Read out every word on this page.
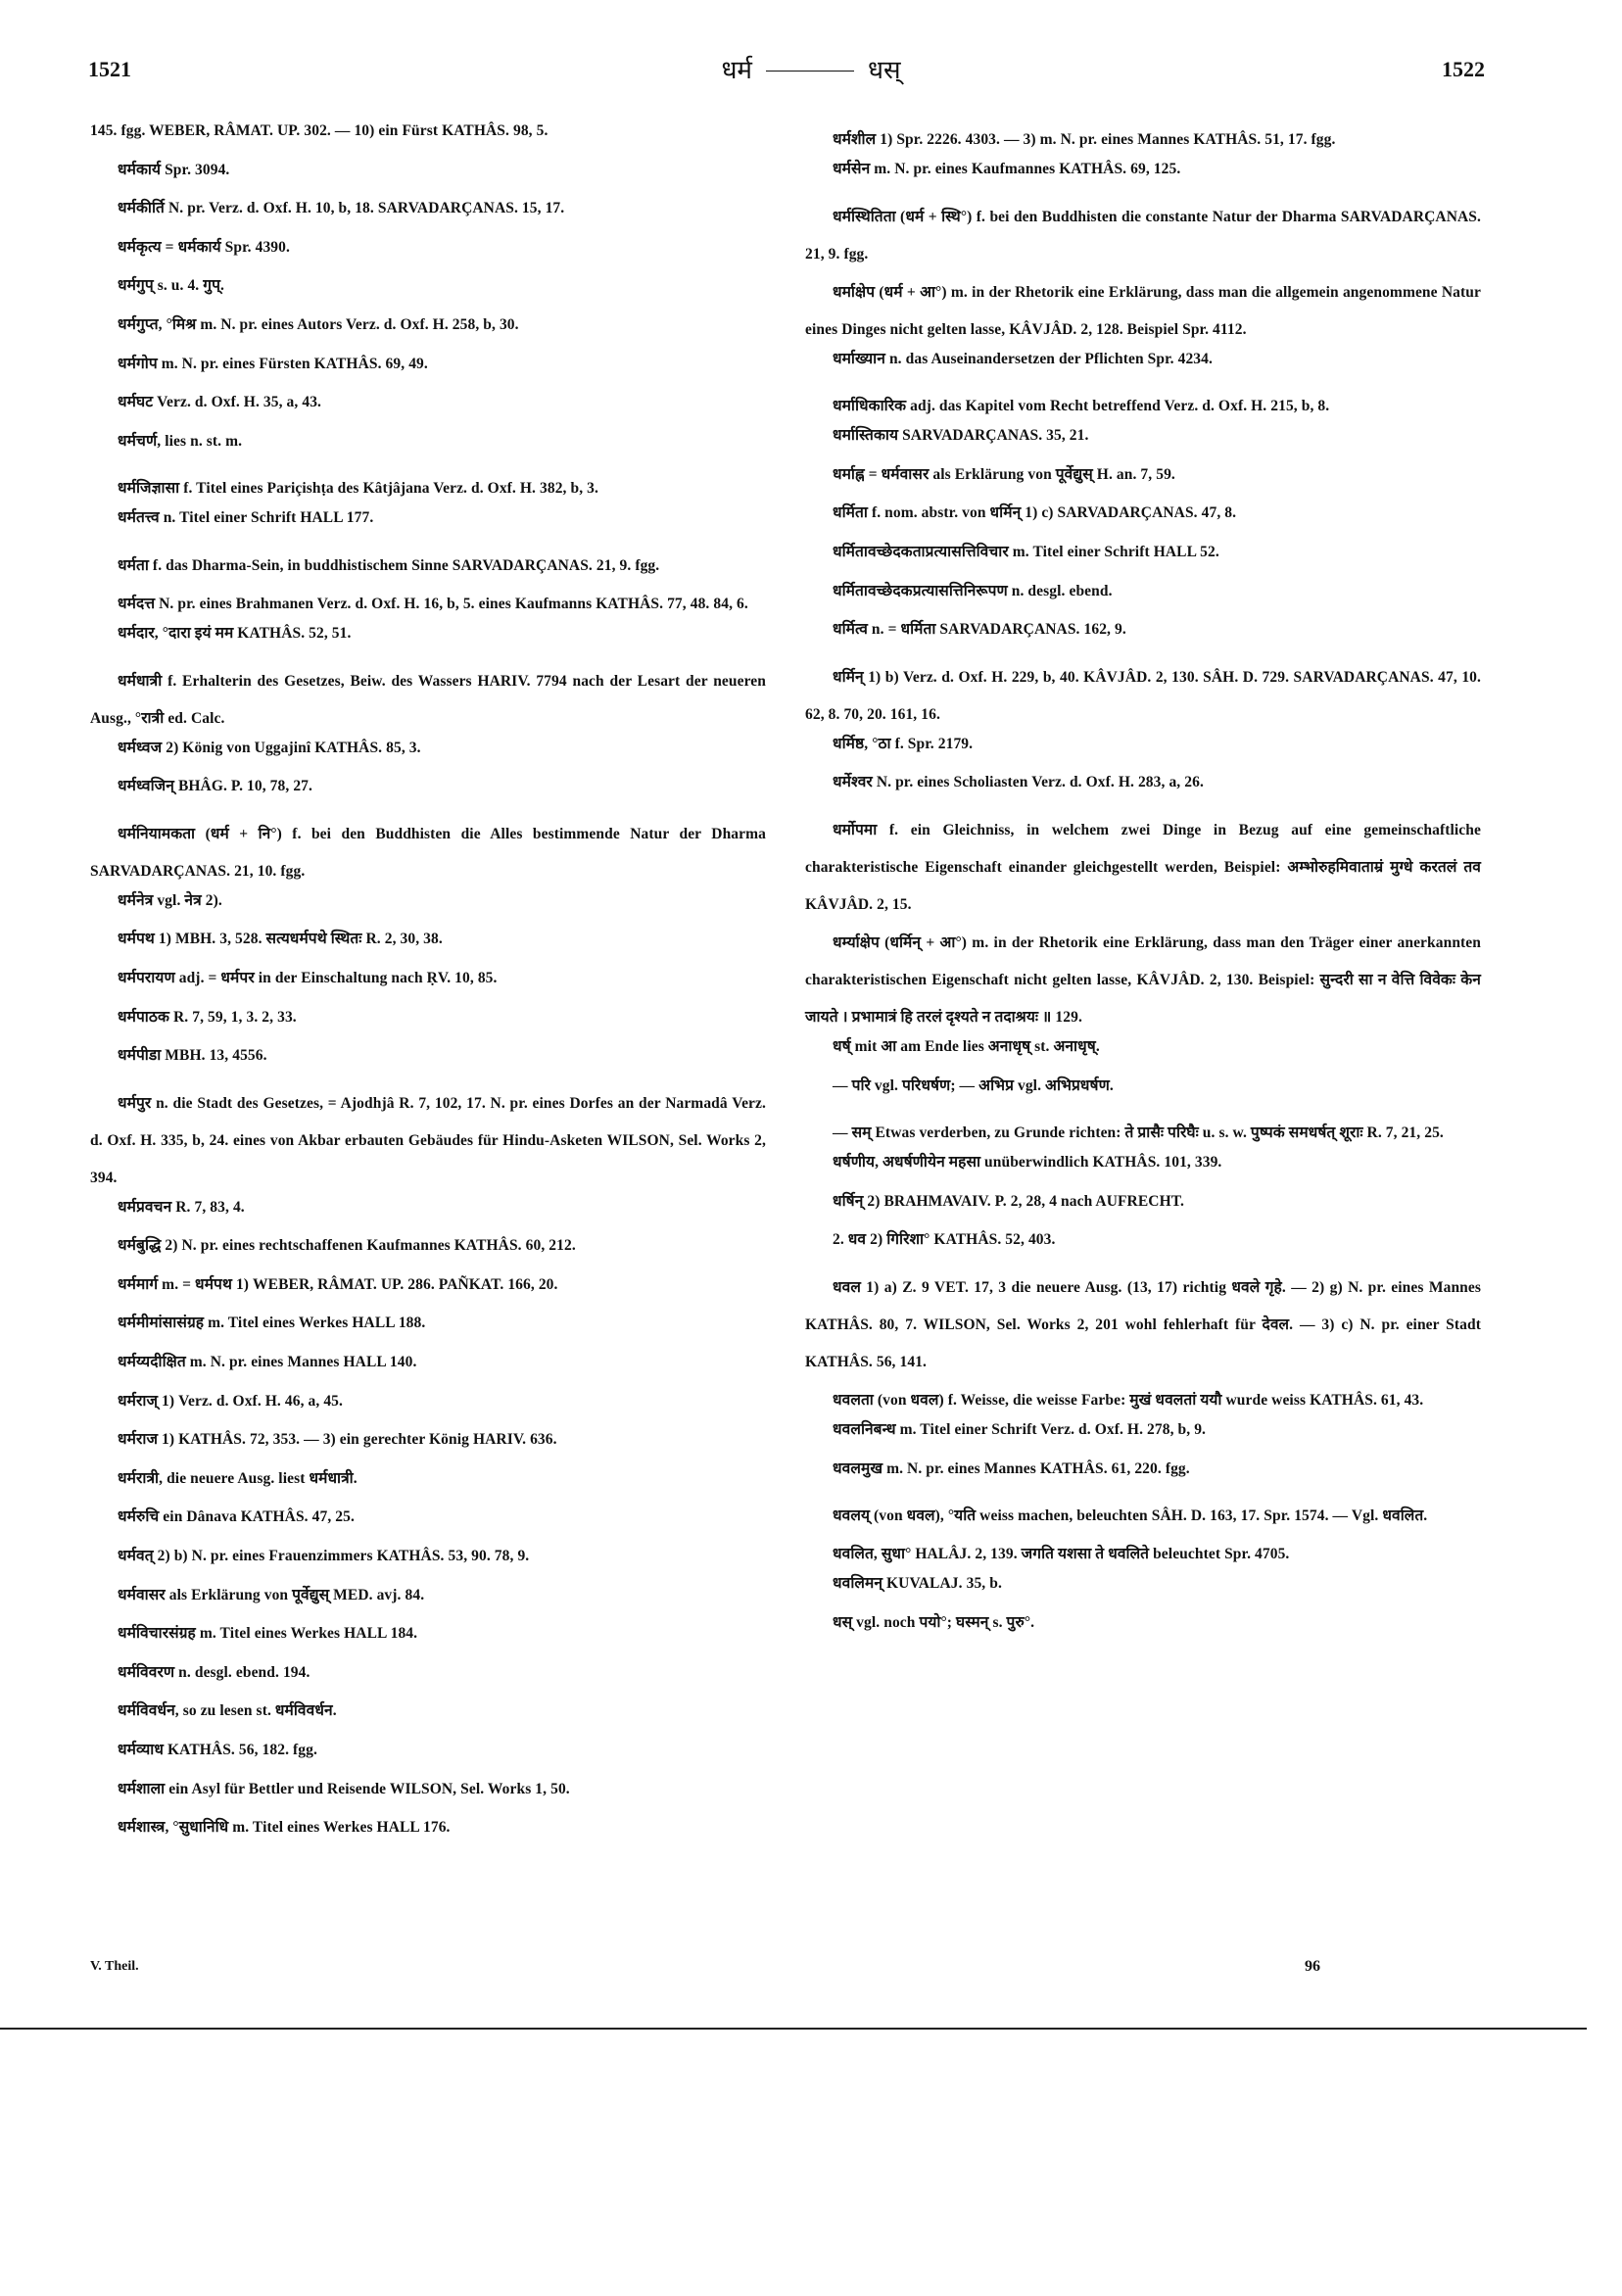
1521	धर्म	धस्	1522

145. fgg. WEBER, RÂMAT. UP. 302. — 10) ein Fürst KATHÂS. 98, 5.

धर्मकार्य Spr. 3094.

धर्मकीर्ति N. pr. Verz. d. Oxf. H. 10, b, 18. SARVADARÇANAS. 15, 17.

धर्मकृत्य = धर्मकार्य Spr. 4390.

धर्मगुप् s. u. 4. गुप्.

धर्मगुप्त, °मिश्र m. N. pr. eines Autors Verz. d. Oxf. H. 258, b, 30.

धर्मगोप m. N. pr. eines Fürsten KATHÂS. 69, 49.

धर्मघट Verz. d. Oxf. H. 35, a, 43.

धर्मचर्ण, lies n. st. m.

धर्मजिज्ञासा f. Titel eines Pariçishṭa des Kâtjâjana Verz. d. Oxf. H. 382, b, 3.

धर्मतत्त्व n. Titel einer Schrift HALL 177.

धर्मता f. das Dharma-Sein, in buddhistischem Sinne SARVADARÇANAS. 21, 9. fgg.

धर्मदत्त N. pr. eines Brahmanen Verz. d. Oxf. H. 16, b, 5. eines Kaufmanns KATHÂS. 77, 48. 84, 6.

धर्मदार, °दारा इयं मम KATHÂS. 52, 51.

धर्मधात्री f. Erhalterin des Gesetzes, Beiw. des Wassers HARIV. 7794 nach der Lesart der neueren Ausg., °रात्री ed. Calc.

धर्मध्वज 2) König von Uggajinî KATHÂS. 85, 3.

धर्मध्वजिन् BHÂG. P. 10, 78, 27.

धर्मनियामकता (धर्म + नि°) f. bei den Buddhisten die Alles bestimmende Natur der Dharma SARVADARÇANAS. 21, 10. fgg.

धर्मनेत्र vgl. नेत्र 2).

धर्मपथ 1) MBH. 3, 528. सत्यधर्मपथे स्थितः R. 2, 30, 38.

धर्मपरायण adj. = धर्मपर in der Einschaltung nach ṚV. 10, 85.

धर्मपाठक R. 7, 59, 1, 3. 2, 33.

धर्मपीडा MBH. 13, 4556.

धर्मपुर n. die Stadt des Gesetzes, = Ajodhjâ R. 7, 102, 17. N. pr. eines Dorfes an der Narmadâ Verz. d. Oxf. H. 335, b, 24. eines von Akbar erbauten Gebäudes für Hindu-Asketen WILSON, Sel. Works 2, 394.

धर्मप्रवचन R. 7, 83, 4.

धर्मबुद्धि 2) N. pr. eines rechtschaffenen Kaufmannes KATHÂS. 60, 212.

धर्ममार्ग m. = धर्मपथ 1) WEBER, RÂMAT. UP. 286. PAÑKAT. 166, 20.

धर्ममीमांसासंग्रह m. Titel eines Werkes HALL 188.

धर्मय्यदीक्षित m. N. pr. eines Mannes HALL 140.

धर्मराज् 1) Verz. d. Oxf. H. 46, a, 45.

धर्मराज 1) KATHÂS. 72, 353. — 3) ein gerechter König HARIV. 636.

धर्मरात्री, die neuere Ausg. liest धर्मधात्री.

धर्मरुचि ein Dânava KATHÂS. 47, 25.

धर्मवत् 2) b) N. pr. eines Frauenzimmers KATHÂS. 53, 90. 78, 9.

धर्मवासर als Erklärung von पूर्वेद्युस् MED. avj. 84.

धर्मविचारसंग्रह m. Titel eines Werkes HALL 184.

धर्मविवरण n. desgl. ebend. 194.

धर्मविवर्धन, so zu lesen st. धर्मविवर्धन.

धर्मव्याध KATHÂS. 56, 182. fgg.

धर्मशाला ein Asyl für Bettler und Reisende WILSON, Sel. Works 1, 50.

धर्मशास्त्र, °सुधानिधि m. Titel eines Werkes HALL 176.

धर्मशील 1) Spr. 2226. 4303. — 3) m. N. pr. eines Mannes KATHÂS. 51, 17. fgg.

धर्मसेन m. N. pr. eines Kaufmannes KATHÂS. 69, 125.

धर्मस्थितिता (धर्म + स्थि°) f. bei den Buddhisten die constante Natur der Dharma SARVADARÇANAS. 21, 9. fgg.

धर्माक्षेप (धर्म + आ°) m. in der Rhetorik eine Erklärung, dass man die allgemein angenommene Natur eines Dinges nicht gelten lasse, KÂVJÂD. 2, 128. Beispiel Spr. 4112.

धर्माख्यान n. das Auseinandersetzen der Pflichten Spr. 4234.

धर्माधिकारिक adj. das Kapitel vom Recht betreffend Verz. d. Oxf. H. 215, b, 8.

धर्मास्तिकाय SARVADARÇANAS. 35, 21.

धर्माह्न = धर्मवासर als Erklärung von पूर्वेद्युस् H. an. 7, 59.

धर्मिता f. nom. abstr. von धर्मिन् 1) c) SARVADARÇANAS. 47, 8.

धर्मितावच्छेदकताप्रत्यासत्तिविचार m. Titel einer Schrift HALL 52.

धर्मितावच्छेदकप्रत्यासत्तिनिरूपण n. desgl. ebend.

धर्मित्व n. = धर्मिता SARVADARÇANAS. 162, 9.

धर्मिन् 1) b) Verz. d. Oxf. H. 229, b, 40. KÂVJÂD. 2, 130. SÂH. D. 729. SARVADARÇANAS. 47, 10. 62, 8. 70, 20. 161, 16.

धर्मिष्ठ, °ठा f. Spr. 2179.

धर्मेश्वर N. pr. eines Scholiasten Verz. d. Oxf. H. 283, a, 26.

धर्मोपमा f. ein Gleichniss, in welchem zwei Dinge in Bezug auf eine gemeinschaftliche charakteristische Eigenschaft einander gleichgestellt werden, Beispiel: अम्भोरुहमिवाताम्रं मुग्धे करतलं तव KÂVJÂD. 2, 15.

धर्म्याक्षेप (धर्मिन् + आ°) m. in der Rhetorik eine Erklärung, dass man den Träger einer anerkannten charakteristischen Eigenschaft nicht gelten lasse, KÂVJÂD. 2, 130. Beispiel: सुन्दरी सा न वेत्ति विवेकः केन जायते । प्रभामात्रं हि तरलं दृश्यते न तदाश्रयः ॥ 129.

धर्ष् mit आ am Ende lies अनाधृष् st. अनाधृष्.

— परि vgl. परिधर्षण; — अभिप्र vgl. अभिप्रधर्षण.

— सम् Etwas verderben, zu Grunde richten: ते प्रासैः परिघैः u. s. w. पुष्पकं समधर्षत् शूराः R. 7, 21, 25.

धर्षणीय, अधर्षणीयेन महसा unüberwindlich KATHÂS. 101, 339.

धर्षिन् 2) BRAHMAVAIV. P. 2, 28, 4 nach AUFRECHT.

2. धव 2) गिरिशा° KATHÂS. 52, 403.

धवल 1) a) Z. 9 VET. 17, 3 die neuere Ausg. (13, 17) richtig धवले गृहे. — 2) g) N. pr. eines Mannes KATHÂS. 80, 7. WILSON, Sel. Works 2, 201 wohl fehlerhaft für देवल. — 3) c) N. pr. einer Stadt KATHÂS. 56, 141.

धवलता (von धवल) f. Weisse, die weisse Farbe: मुखं धवलतां ययौ wurde weiss KATHÂS. 61, 43.

धवलनिबन्ध m. Titel einer Schrift Verz. d. Oxf. H. 278, b, 9.

धवलमुख m. N. pr. eines Mannes KATHÂS. 61, 220. fgg.

धवलय् (von धवल), °यति weiss machen, beleuchten SÂH. D. 163, 17. Spr. 1574. — Vgl. धवलित.

धवलित, सुधा° HALÂJ. 2, 139. जगति यशसा ते धवलिते beleuchtet Spr. 4705.

धवलिमन् KUVALAJ. 35, b.

धस् vgl. noch पयो°; घस्मन् s. पुरु°.

V. Theil.	96
